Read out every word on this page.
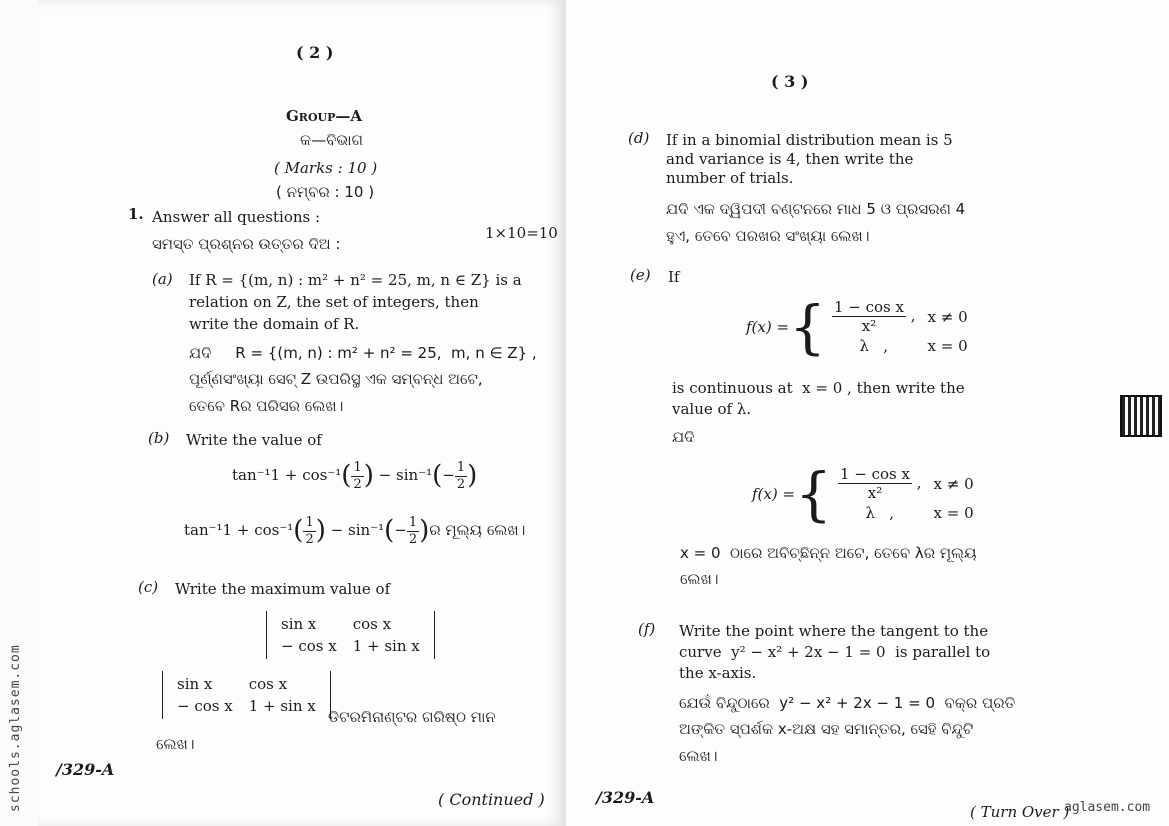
( 2 )
Group—A
କ—ବିଭାଗ
( Marks : 10 )
( ନମ୍ବର : 10 )
1. Answer all questions :
1×10=10
ସମସ୍ତ ପ୍ରଶ୍ନର ଉତ୍ତର ଦିଅ :
(a) If R = {(m, n) : m² + n² = 25, m, n ∈ Z} is a
relation on Z, the set of integers, then
write the domain of R.
ଯଦି     R = {(m, n) : m² + n² = 25,  m, n ∈ Z} ,
ପୂର୍ଣ୍ଣସଂଖ୍ୟା ସେଟ୍ Z ଉପରିସ୍ଥ ଏକ ସମ୍ବନ୍ଧ ଅଟେ,
ତେବେ Rର ପରିସର ଲେଖ।
(b) Write the value of
$\tan^{-1}1 + \cos^{-1}( \frac{1}{2}$ ) − $\sin^{-1}(- \frac{1}{2}$ )
$\tan^{-1}1 + \cos^{-1}( \frac{1}{2}$ ) − $\sin^{-1}(- \frac{1}{2}$ )ର ମୂଲ୍ୟ ଲେଖ।
(c) Write the maximum value of
sin x	cos x
− cos x	1 + sin x
sin x	cos x
− cos x	1 + sin x
ଡିଟରମିନାଣ୍ଟର ଗରିଷ୍ଠ ମାନ
ଲେଖ।
/329-A
( Continued )
( 3 )
(d) If in a binomial distribution mean is 5
and variance is 4, then write the
number of trials.
ଯଦି ଏକ ଦ୍ୱିପଦୀ ବଣ୍ଟନରେ ମାଧ 5 ଓ ପ୍ରସରଣ 4
ହୁଏ, ତେବେ ପରଖର ସଂଖ୍ୟା ଲେଖ।
(e) If
f(x) = { $\frac{\text{1 − cos x}}{\text{x²}}$ ,	x ≠ 0
λ   ,	x = 0
is continuous at  x = 0 , then write the
value of λ.
ଯଦି
f(x) = { $\frac{\text{1 − cos x}}{\text{x²}}$ ,	x ≠ 0
λ   ,	x = 0
x = 0  ଠାରେ ଅବିଚ୍ଛିନ୍ନ ଅଟେ, ତେବେ λର ମୂଲ୍ୟ
ଲେଖ।
(f) Write the point where the tangent to the
curve  y² − x² + 2x − 1 = 0  is parallel to
the x-axis.
ଯେଉଁ ବିନ୍ଦୁଠାରେ  y² − x² + 2x − 1 = 0  ବକ୍ର ପ୍ରତି
ଅଙ୍କିତ ସ୍ପର୍ଶକ x-ଅକ୍ଷ ସହ ସମାନ୍ତର, ସେହି ବିନ୍ଦୁଟି
ଲେଖ।
/329-A
( Turn Over )
schools.aglasem.com	aglasem.com
